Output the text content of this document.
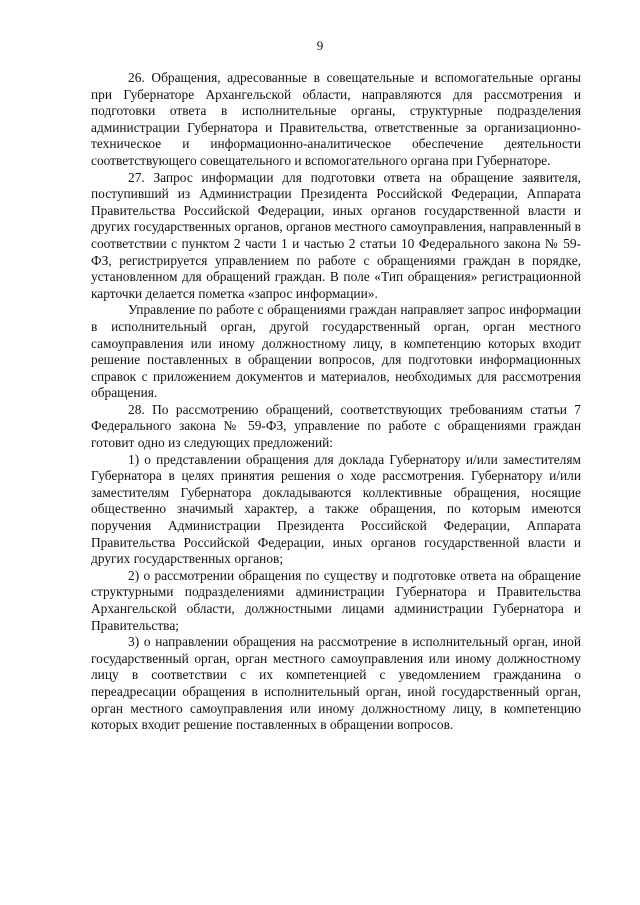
9

26. Обращения, адресованные в совещательные и вспомогательные органы при Губернаторе Архангельской области, направляются для рассмотрения и подготовки ответа в исполнительные органы, структурные подразделения администрации Губернатора и Правительства, ответственные за организационно-техническое и информационно-аналитическое обеспечение деятельности соответствующего совещательного и вспомогательного органа при Губернаторе.

27. Запрос информации для подготовки ответа на обращение заявителя, поступивший из Администрации Президента Российской Федерации, Аппарата Правительства Российской Федерации, иных органов государственной власти и других государственных органов, органов местного самоуправления, направленный в соответствии с пунктом 2 части 1 и частью 2 статьи 10 Федерального закона № 59-ФЗ, регистрируется управлением по работе с обращениями граждан в порядке, установленном для обращений граждан. В поле «Тип обращения» регистрационной карточки делается пометка «запрос информации».

Управление по работе с обращениями граждан направляет запрос информации в исполнительный орган, другой государственный орган, орган местного самоуправления или иному должностному лицу, в компетенцию которых входит решение поставленных в обращении вопросов, для подготовки информационных справок с приложением документов и материалов, необходимых для рассмотрения обращения.

28. По рассмотрению обращений, соответствующих требованиям статьи 7 Федерального закона № 59-ФЗ, управление по работе с обращениями граждан готовит одно из следующих предложений:

1) о представлении обращения для доклада Губернатору и/или заместителям Губернатора в целях принятия решения о ходе рассмотрения. Губернатору и/или заместителям Губернатора докладываются коллективные обращения, носящие общественно значимый характер, а также обращения, по которым имеются поручения Администрации Президента Российской Федерации, Аппарата Правительства Российской Федерации, иных органов государственной власти и других государственных органов;

2) о рассмотрении обращения по существу и подготовке ответа на обращение структурными подразделениями администрации Губернатора и Правительства Архангельской области, должностными лицами администрации Губернатора и Правительства;

3) о направлении обращения на рассмотрение в исполнительный орган, иной государственный орган, орган местного самоуправления или иному должностному лицу в соответствии с их компетенцией с уведомлением гражданина о переадресации обращения в исполнительный орган, иной государственный орган, орган местного самоуправления или иному должностному лицу, в компетенцию которых входит решение поставленных в обращении вопросов.
